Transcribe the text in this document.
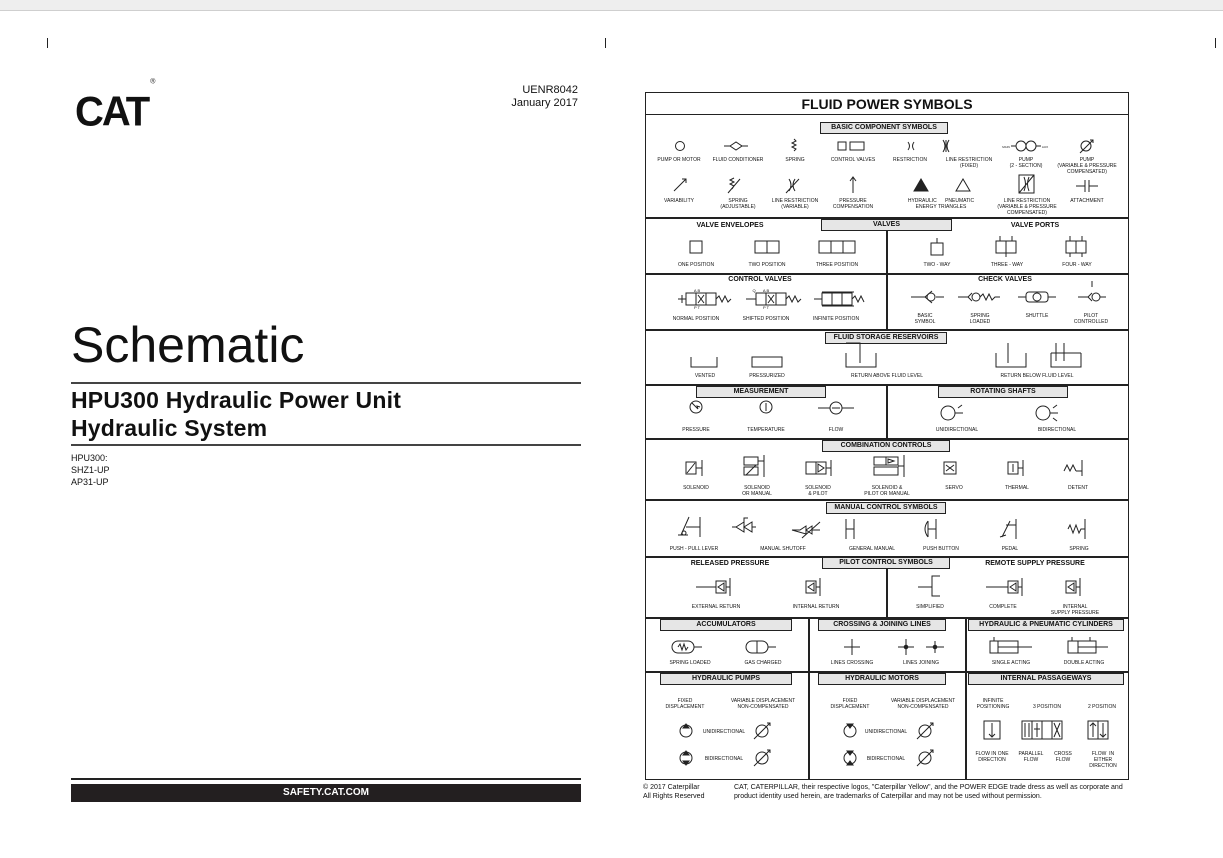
CAT®
UENR8042
January 2017
Schematic
HPU300 Hydraulic Power Unit
Hydraulic System
HPU300:
SHZ1-UP
AP31-UP
SAFETY.CAT.COM
FLUID POWER SYMBOLS
BASIC COMPONENT SYMBOLS
VALVES
VALVE ENVELOPES	VALVE PORTS
CONTROL VALVES	CHECK VALVES
FLUID STORAGE RESERVOIRS
MEASUREMENT	ROTATING SHAFTS
COMBINATION CONTROLS
MANUAL CONTROL SYMBOLS
RELEASED PRESSURE	PILOT CONTROL SYMBOLS	REMOTE SUPPLY PRESSURE
ACCUMULATORS	CROSSING & JOINING LINES	HYDRAULIC & PNEUMATIC CYLINDERS
HYDRAULIC PUMPS	HYDRAULIC MOTORS	INTERNAL PASSAGEWAYS
PUMP OR MOTOR FLUID CONDITIONER	SPRING	CONTROL VALVES	RESTRICTION	LINE RESTRICTION
(FIXED)
PUMP
(2 - SECTION)
PUMP
(VARIABLE & PRESSURE
COMPENSATED)
MAIN	AUX
VARIABILITY	SPRING
(ADJUSTABLE)
LINE RESTRICTION
(VARIABLE)
PRESSURE
COMPENSATION
HYDRAULIC      PNEUMATIC
ENERGY TRIANGLES
LINE RESTRICTION
(VARIABLE & PRESSURE
COMPENSATED)
ATTACHMENT
ONE POSITION	TWO POSITION	THREE POSITION	TWO - WAY	THREE - WAY	FOUR - WAY
NORMAL POSITION	SHIFTED POSITION	INFINITE POSITION
A B
P T
Q A B
P T
BASIC
SYMBOL
SPRING
LOADED
SHUTTLE	PILOT
CONTROLLED
VENTED	PRESSURIZED	RETURN ABOVE FLUID LEVEL	RETURN BELOW FLUID LEVEL
PRESSURE	TEMPERATURE	FLOW	UNIDIRECTIONAL	BIDIRECTIONAL
SOLENOID	SOLENOID
OR MANUAL
SOLENOID
& PILOT
SOLENOID &
PILOT OR MANUAL
SERVO	THERMAL	DETENT
PUSH - PULL LEVER	MANUAL SHUTOFF	GENERAL MANUAL	PUSH BUTTON	PEDAL	SPRING
EXTERNAL RETURN	INTERNAL RETURN	SIMPLIFIED	COMPLETE	INTERNAL
SUPPLY PRESSURE
SPRING LOADED	GAS CHARGED	LINES CROSSING	LINES JOINING	SINGLE ACTING	DOUBLE ACTING
FIXED
DISPLACEMENT
VARIABLE DISPLACEMENT
NON-COMPENSATED
FIXED
DISPLACEMENT
VARIABLE DISPLACEMENT
NON-COMPENSATED
UNIDIRECTIONAL
BIDIRECTIONAL
UNIDIRECTIONAL
BIDIRECTIONAL
INFINITE
POSITIONING	3 POSITION	2 POSITION
FLOW IN ONE
DIRECTION
PARALLEL
FLOW
CROSS
FLOW
FLOW  IN
EITHER
DIRECTION
© 2017 Caterpillar
All Rights Reserved
CAT, CATERPILLAR, their respective logos, "Caterpillar Yellow", and the POWER EDGE trade dress as well as corporate and product identity used herein, are trademarks of Caterpillar and may not be used without permission.
